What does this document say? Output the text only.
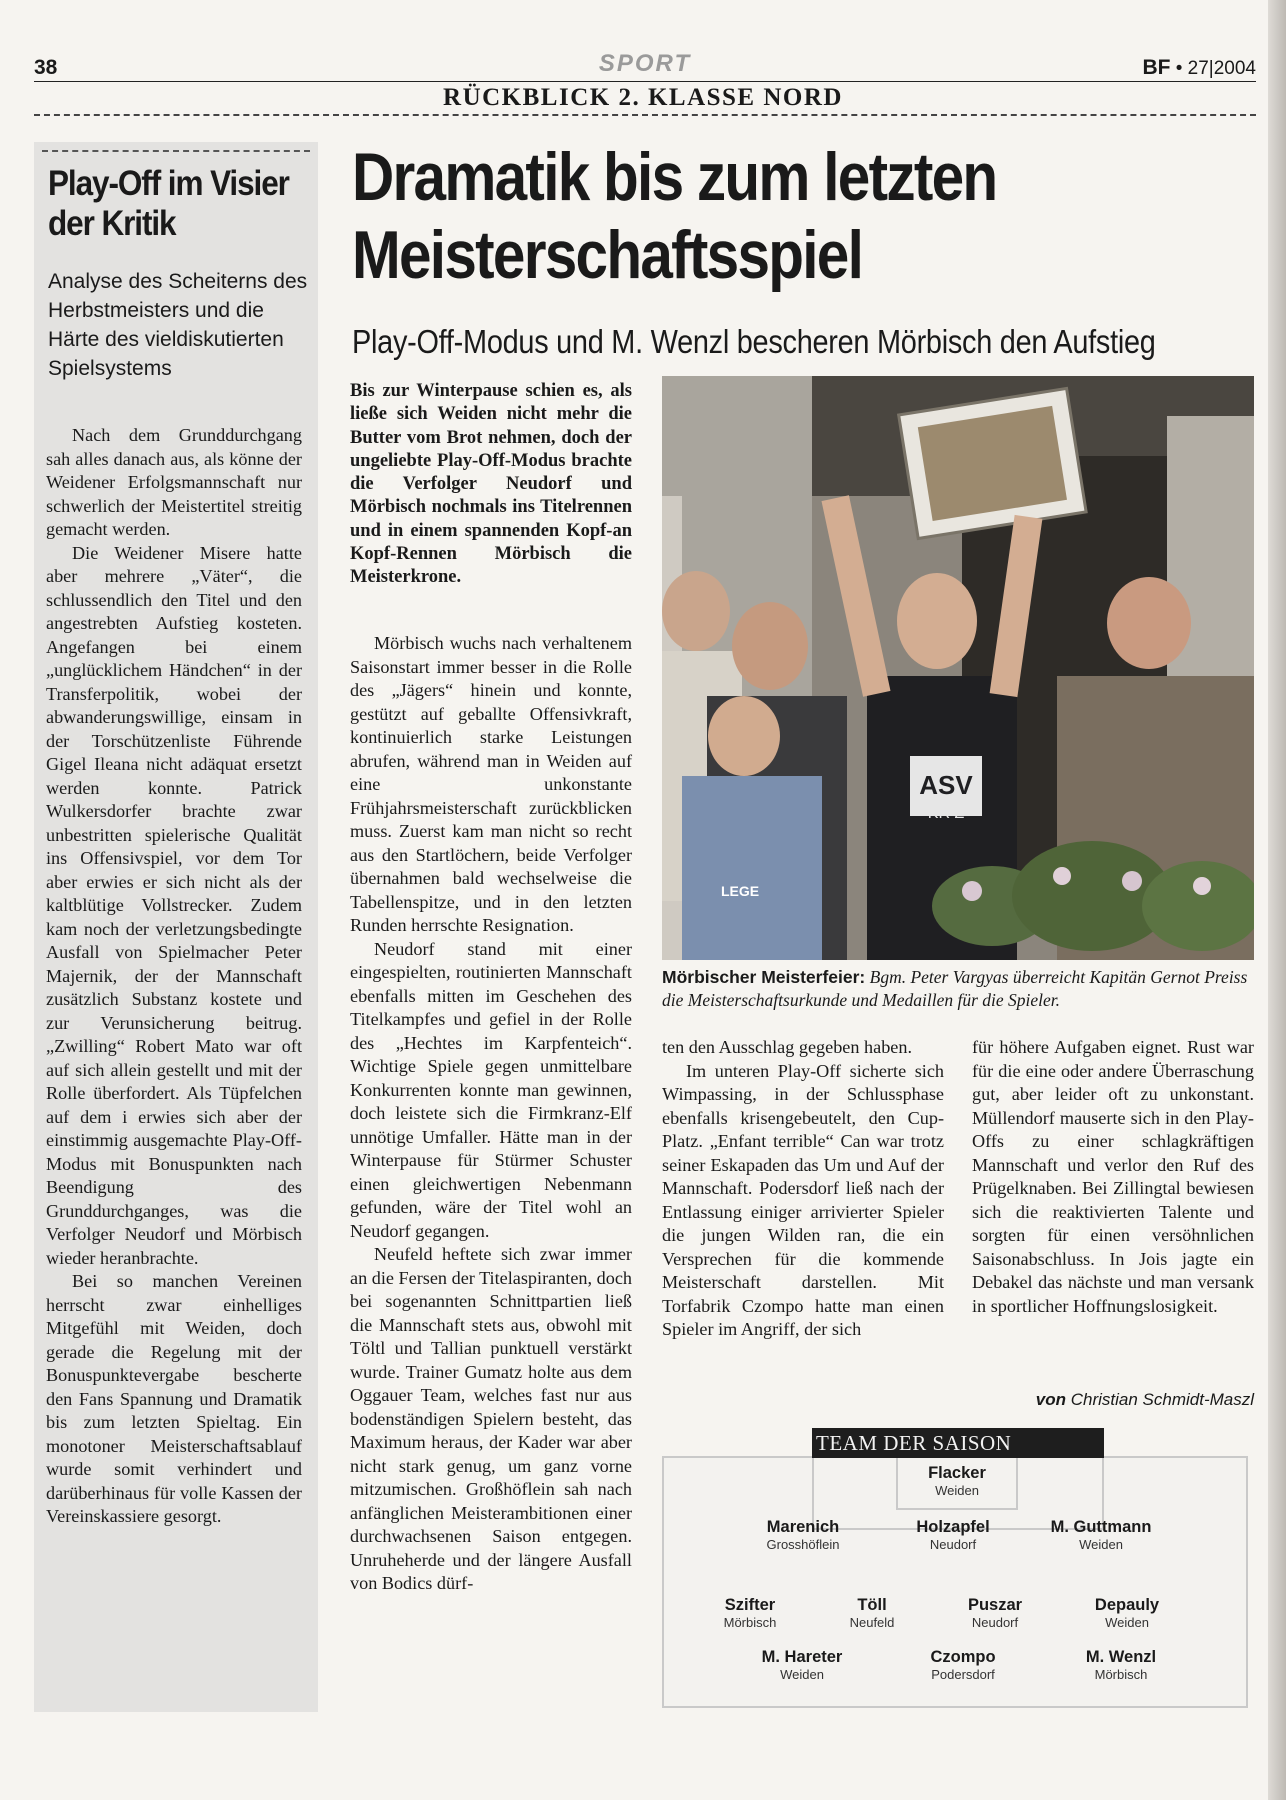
38	SPORT	BF • 27|2004
RÜCKBLICK 2. KLASSE NORD
Play-Off im Visier der Kritik
Analyse des Scheiterns des Herbstmeisters und die Härte des vieldiskutierten Spielsystems

Nach dem Grunddurchgang sah alles danach aus, als könne der Weidener Erfolgsmannschaft nur schwerlich der Meistertitel streitig gemacht werden.

Die Weidener Misere hatte aber mehrere „Väter“, die schlussendlich den Titel und den angestrebten Aufstieg kosteten. Angefangen bei einem „unglücklichem Händchen“ in der Transferpolitik, wobei der abwanderungswillige, einsam in der Torschützenliste Führende Gigel Ileana nicht adäquat ersetzt werden konnte. Patrick Wulkersdorfer brachte zwar unbestritten spielerische Qualität ins Offensivspiel, vor dem Tor aber erwies er sich nicht als der kaltblütige Vollstrecker. Zudem kam noch der verletzungsbedingte Ausfall von Spielmacher Peter Majernik, der der Mannschaft zusätzlich Substanz kostete und zur Verunsicherung beitrug. „Zwilling“ Robert Mato war oft auf sich allein gestellt und mit der Rolle überfordert. Als Tüpfelchen auf dem i erwies sich aber der einstimmig ausgemachte Play-Off-Modus mit Bonuspunkten nach Beendigung des Grunddurchganges, was die Verfolger Neudorf und Mörbisch wieder heranbrachte.

Bei so manchen Vereinen herrscht zwar einhelliges Mitgefühl mit Weiden, doch gerade die Regelung mit der Bonuspunktevergabe bescherte den Fans Spannung und Dramatik bis zum letzten Spieltag. Ein monotoner Meisterschaftsablauf wurde somit verhindert und darüberhinaus für volle Kassen der Vereinskassiere gesorgt.

Dramatik bis zum letzten Meisterschaftsspiel
Play-Off-Modus und M. Wenzl bescheren Mörbisch den Aufstieg
Bis zur Winterpause schien es, als ließe sich Weiden nicht mehr die Butter vom Brot nehmen, doch der ungeliebte Play-Off-Modus brachte die Verfolger Neudorf und Mörbisch nochmals ins Titelrennen und in einem spannenden Kopf-an Kopf-Rennen Mörbisch die Meisterkrone.

Mörbisch wuchs nach verhaltenem Saisonstart immer besser in die Rolle des „Jägers“ hinein und konnte, gestützt auf geballte Offensivkraft, kontinuierlich starke Leistungen abrufen, während man in Weiden auf eine unkonstante Frühjahrsmeisterschaft zurückblicken muss. Zuerst kam man nicht so recht aus den Startlöchern, beide Verfolger übernahmen bald wechselweise die Tabellenspitze, und in den letzten Runden herrschte Resignation.

Neudorf stand mit einer eingespielten, routinierten Mannschaft ebenfalls mitten im Geschehen des Titelkampfes und gefiel in der Rolle des „Hechtes im Karpfenteich“. Wichtige Spiele gegen unmittelbare Konkurrenten konnte man gewinnen, doch leistete sich die Firmkranz-Elf unnötige Umfaller. Hätte man in der Winterpause für Stürmer Schuster einen gleichwertigen Nebenmann gefunden, wäre der Titel wohl an Neudorf gegangen.

Neufeld heftete sich zwar immer an die Fersen der Titelaspiranten, doch bei sogenannten Schnittpartien ließ die Mannschaft stets aus, obwohl mit Töltl und Tallian punktuell verstärkt wurde. Trainer Gumatz holte aus dem Oggauer Team, welches fast nur aus bodenständigen Spielern besteht, das Maximum heraus, der Kader war aber nicht stark genug, um ganz vorne mitzumischen. Großhöflein sah nach anfänglichen Meisterambitionen einer durchwachsenen Saison entgegen. Unruheherde und der längere Ausfall von Bodics dürf-

ASV
KR Z
LEGE
Mörbischer Meisterfeier: Bgm. Peter Vargyas überreicht Kapitän Gernot Preiss die Meisterschaftsurkunde und Medaillen für die Spieler.

ten den Ausschlag gegeben haben.

Im unteren Play-Off sicherte sich Wimpassing, in der Schlussphase ebenfalls krisengebeutelt, den Cup-Platz. „Enfant terrible“ Can war trotz seiner Eskapaden das Um und Auf der Mannschaft. Podersdorf ließ nach der Entlassung einiger arrivierter Spieler die jungen Wilden ran, die ein Versprechen für die kommende Meisterschaft darstellen. Mit Torfabrik Czompo hatte man einen Spieler im Angriff, der sich

für höhere Aufgaben eignet. Rust war für die eine oder andere Überraschung gut, aber leider oft zu unkonstant. Müllendorf mauserte sich in den Play-Offs zu einer schlagkräftigen Mannschaft und verlor den Ruf des Prügelknaben. Bei Zillingtal bewiesen sich die reaktivierten Talente und sorgten für einen versöhnlichen Saisonabschluss. In Jois jagte ein Debakel das nächste und man versank in sportlicher Hoffnungslosigkeit.

von Christian Schmidt-Maszl
TEAM DER SAISON
Flacker
Weiden
Marenich
Grosshöflein
Holzapfel
Neudorf
M. Guttmann
Weiden
Szifter
Mörbisch
Töll
Neufeld
Puszar
Neudorf
Depauly
Weiden
M. Hareter
Weiden
Czompo
Podersdorf
M. Wenzl
Mörbisch
